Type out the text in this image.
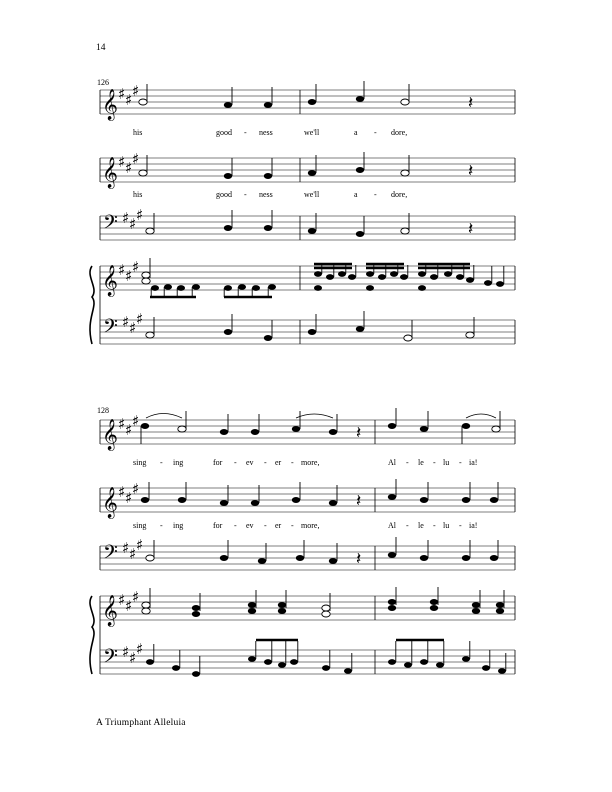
14
𝄞 ♯ ♯ ♯
𝄽
𝄞 ♯ ♯ ♯
𝄽
𝄢 ♯ ♯ ♯
𝄽
𝄞 ♯ ♯ ♯
𝄢 ♯ ♯ ♯
𝄞 ♯ ♯ ♯
𝄽
𝄞 ♯ ♯ ♯
𝄽
𝄢 ♯ ♯ ♯
𝄽
𝄞 ♯ ♯ ♯
𝄢 ♯ ♯ ♯
126
128
his	good - ness	we'll	a - dore,
his	good - ness	we'll	a - dore,
sing - ing	for - ev - er - more,	Al - le - lu - ia!
sing - ing	for - ev - er - more,	Al - le - lu - ia!
A Triumphant Alleluia
